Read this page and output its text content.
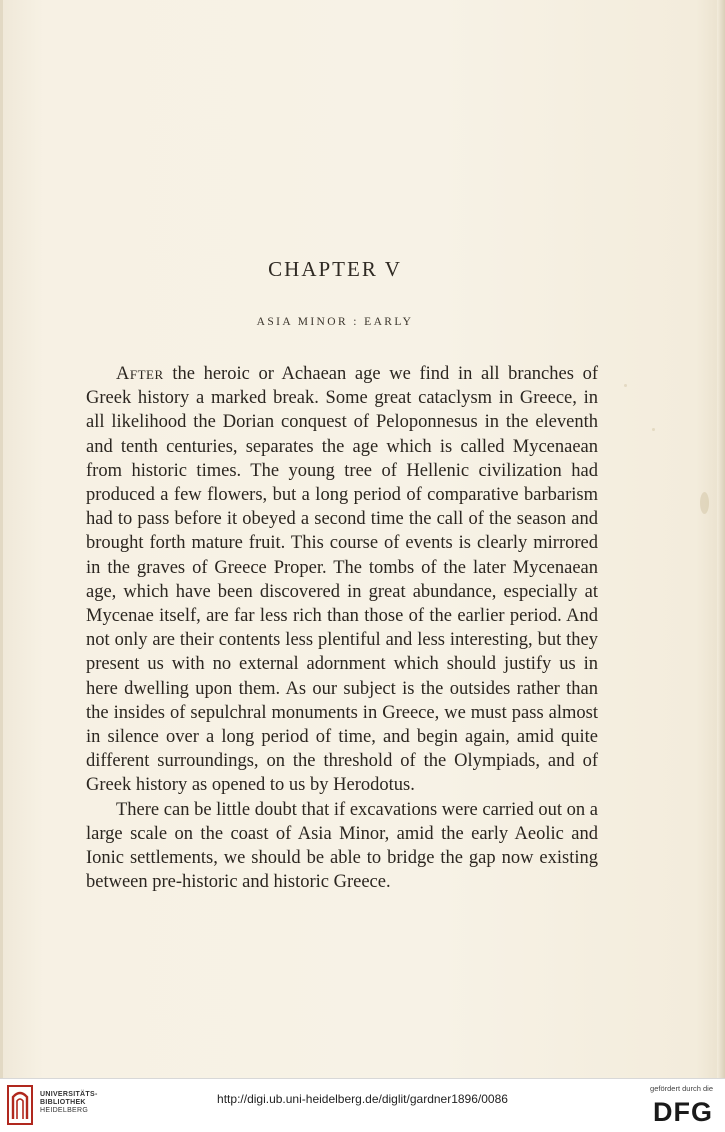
CHAPTER V
ASIA MINOR : EARLY

After the heroic or Achaean age we find in all branches of Greek history a marked break. Some great cataclysm in Greece, in all likelihood the Dorian conquest of Peloponnesus in the eleventh and tenth centuries, separates the age which is called Mycenaean from historic times. The young tree of Hellenic civilization had produced a few flowers, but a long period of comparative barbarism had to pass before it obeyed a second time the call of the season and brought forth mature fruit. This course of events is clearly mirrored in the graves of Greece Proper. The tombs of the later Mycenaean age, which have been discovered in great abundance, especially at Mycenae itself, are far less rich than those of the earlier period. And not only are their contents less plentiful and less interesting, but they present us with no external adornment which should justify us in here dwelling upon them. As our subject is the outsides rather than the insides of sepulchral monuments in Greece, we must pass almost in silence over a long period of time, and begin again, amid quite different surroundings, on the threshold of the Olympiads, and of Greek history as opened to us by Herodotus.

There can be little doubt that if excavations were carried out on a large scale on the coast of Asia Minor, amid the early Aeolic and Ionic settlements, we should be able to bridge the gap now existing between pre-historic and historic Greece.

UNIVERSITÄTS-
BIBLIOTHEK
HEIDELBERG
http://digi.ub.uni-heidelberg.de/diglit/gardner1896/0086
gefördert durch die
DFG
